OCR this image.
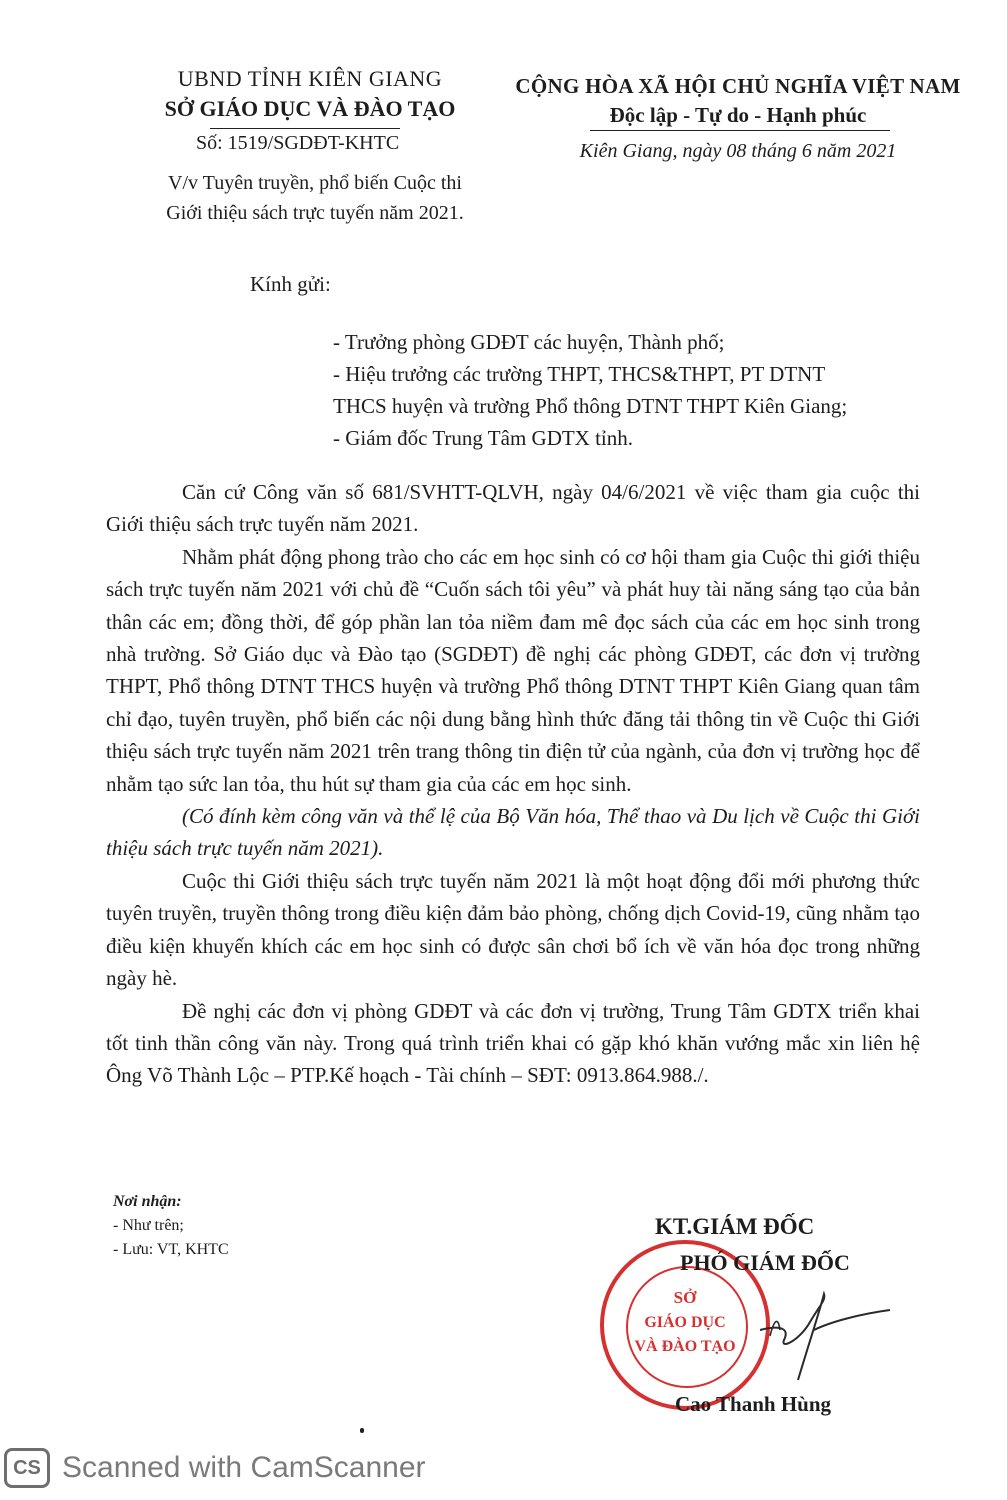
UBND TỈNH KIÊN GIANG
SỞ GIÁO DỤC VÀ ĐÀO TẠO
Số: 1519/SGDĐT-KHTC
CỘNG HÒA XÃ HỘI CHỦ NGHĨA VIỆT NAM
Độc lập - Tự do - Hạnh phúc
Kiên Giang, ngày 08 tháng 6 năm 2021
V/v Tuyên truyền, phổ biến Cuộc thi
Giới thiệu sách trực tuyến năm 2021.
Kính gửi:
- Trưởng phòng GDĐT các huyện, Thành phố;
- Hiệu trưởng các trường THPT, THCS&THPT, PT DTNT
THCS huyện và trường Phổ thông DTNT THPT Kiên Giang;
- Giám đốc Trung Tâm GDTX tỉnh.

Căn cứ Công văn số 681/SVHTT-QLVH, ngày 04/6/2021 về việc tham gia cuộc thi Giới thiệu sách trực tuyến năm 2021.

Nhằm phát động phong trào cho các em học sinh có cơ hội tham gia Cuộc thi giới thiệu sách trực tuyến năm 2021 với chủ đề “Cuốn sách tôi yêu” và phát huy tài năng sáng tạo của bản thân các em; đồng thời, để góp phần lan tỏa niềm đam mê đọc sách của các em học sinh trong nhà trường. Sở Giáo dục và Đào tạo (SGDĐT) đề nghị các phòng GDĐT, các đơn vị trường THPT, Phổ thông DTNT THCS huyện và trường Phổ thông DTNT THPT Kiên Giang quan tâm chỉ đạo, tuyên truyền, phổ biến các nội dung bằng hình thức đăng tải thông tin về Cuộc thi Giới thiệu sách trực tuyến năm 2021 trên trang thông tin điện tử của ngành, của đơn vị trường học để nhằm tạo sức lan tỏa, thu hút sự tham gia của các em học sinh.

(Có đính kèm công văn và thể lệ của Bộ Văn hóa, Thể thao và Du lịch về Cuộc thi Giới thiệu sách trực tuyến năm 2021).

Cuộc thi Giới thiệu sách trực tuyến năm 2021 là một hoạt động đổi mới phương thức tuyên truyền, truyền thông trong điều kiện đảm bảo phòng, chống dịch Covid-19, cũng nhằm tạo điều kiện khuyến khích các em học sinh có được sân chơi bổ ích về văn hóa đọc trong những ngày hè.

Đề nghị các đơn vị phòng GDĐT và các đơn vị trường, Trung Tâm GDTX triển khai tốt tinh thần công văn này. Trong quá trình triển khai có gặp khó khăn vướng mắc xin liên hệ Ông Võ Thành Lộc – PTP.Kế hoạch - Tài chính – SĐT: 0913.864.988./.

Nơi nhận:
- Như trên;
- Lưu: VT, KHTC
SỞ
GIÁO DỤC
VÀ ĐÀO TẠO
KT.GIÁM ĐỐC
PHÓ GIÁM ĐỐC
Cao Thanh Hùng
CS Scanned with CamScanner
